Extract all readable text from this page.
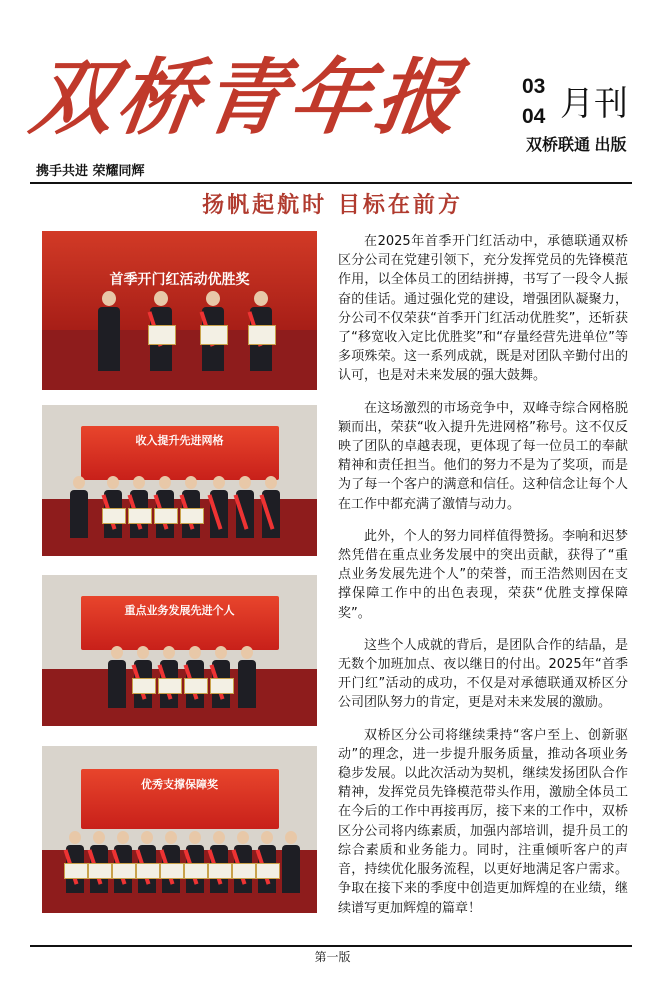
双桥青年报	03
04 月刊
双桥联通 出版
携手共进 荣耀同辉
扬帆起航时 目标在前方
首季开门红活动优胜奖
收入提升先进网格
重点业务发展先进个人
优秀支撑保障奖

在2025年首季开门红活动中，承德联通双桥区分公司在党建引领下，充分发挥党员的先锋模范作用，以全体员工的团结拼搏，书写了一段令人振奋的佳话。通过强化党的建设，增强团队凝聚力，分公司不仅荣获“首季开门红活动优胜奖”，还斩获了“移宽收入定比优胜奖”和“存量经营先进单位”等多项殊荣。这一系列成就，既是对团队辛勤付出的认可，也是对未来发展的强大鼓舞。

在这场激烈的市场竞争中，双峰寺综合网格脱颖而出，荣获“收入提升先进网格”称号。这不仅反映了团队的卓越表现，更体现了每一位员工的奉献精神和责任担当。他们的努力不是为了奖项，而是为了每一个客户的满意和信任。这种信念让每个人在工作中都充满了激情与动力。

此外，个人的努力同样值得赞扬。李响和迟梦然凭借在重点业务发展中的突出贡献，获得了“重点业务发展先进个人”的荣誉，而王浩然则因在支撑保障工作中的出色表现，荣获“优胜支撑保障奖”。

这些个人成就的背后，是团队合作的结晶，是无数个加班加点、夜以继日的付出。2025年“首季开门红”活动的成功，不仅是对承德联通双桥区分公司团队努力的肯定，更是对未来发展的激励。

双桥区分公司将继续秉持“客户至上、创新驱动”的理念，进一步提升服务质量，推动各项业务稳步发展。以此次活动为契机，继续发扬团队合作精神，发挥党员先锋模范带头作用，激励全体员工在今后的工作中再接再厉，接下来的工作中，双桥区分公司将内练素质，加强内部培训，提升员工的综合素质和业务能力。同时，注重倾听客户的声音，持续优化服务流程，以更好地满足客户需求。争取在接下来的季度中创造更加辉煌的在业绩，继续谱写更加辉煌的篇章！

第一版
